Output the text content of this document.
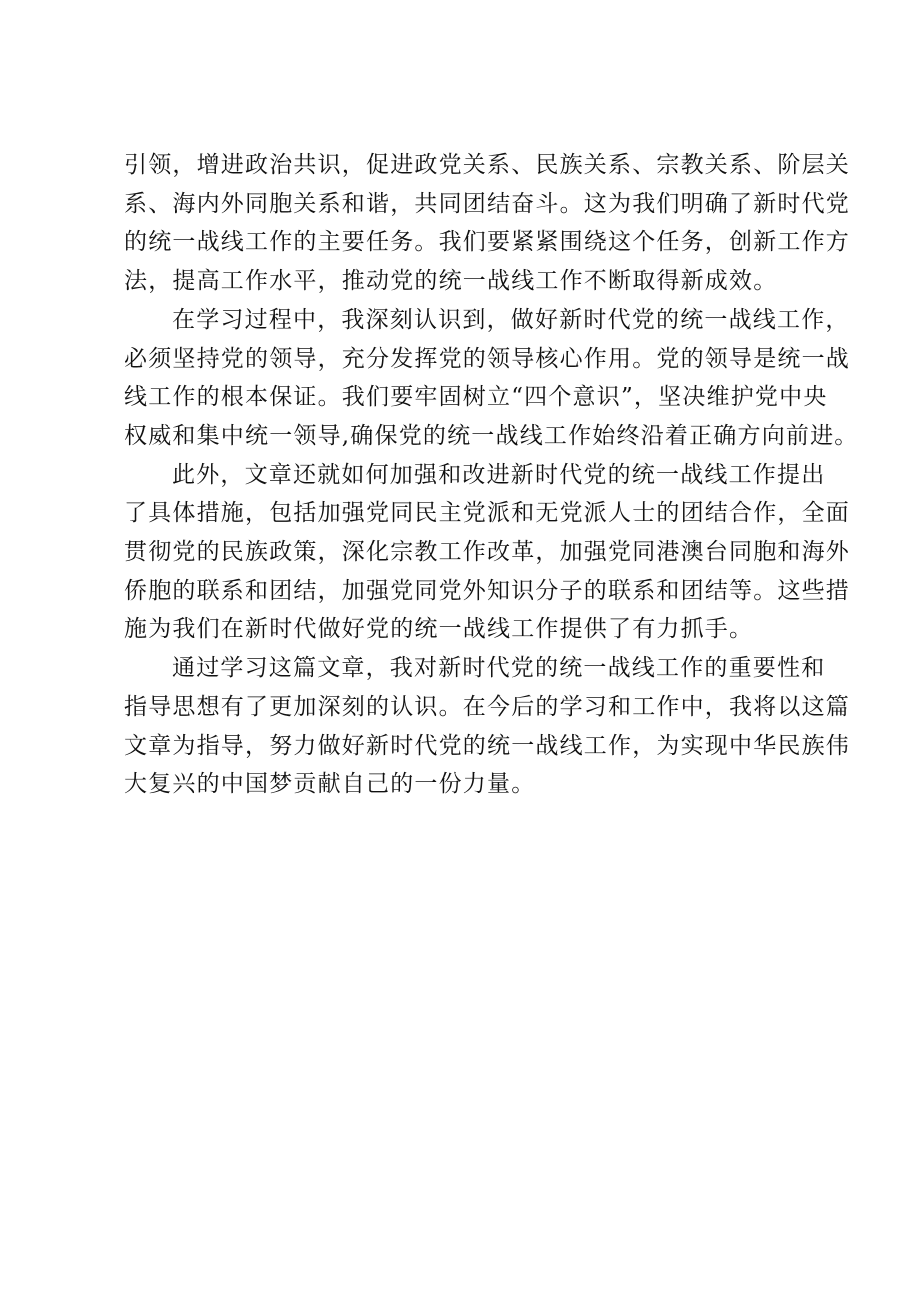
引领，增进政治共识，促进政党关系、民族关系、宗教关系、阶层关
系、海内外同胞关系和谐，共同团结奋斗。这为我们明确了新时代党
的统一战线工作的主要任务。我们要紧紧围绕这个任务，创新工作方
法，提高工作水平，推动党的统一战线工作不断取得新成效。

在学习过程中，我深刻认识到，做好新时代党的统一战线工作，
必须坚持党的领导，充分发挥党的领导核心作用。党的领导是统一战
线工作的根本保证。我们要牢固树立“四个意识”，坚决维护党中央
权威和集中统一领导,确保党的统一战线工作始终沿着正确方向前进。

此外，文章还就如何加强和改进新时代党的统一战线工作提出
了具体措施，包括加强党同民主党派和无党派人士的团结合作，全面
贯彻党的民族政策，深化宗教工作改革，加强党同港澳台同胞和海外
侨胞的联系和团结，加强党同党外知识分子的联系和团结等。这些措
施为我们在新时代做好党的统一战线工作提供了有力抓手。

通过学习这篇文章，我对新时代党的统一战线工作的重要性和
指导思想有了更加深刻的认识。在今后的学习和工作中，我将以这篇
文章为指导，努力做好新时代党的统一战线工作，为实现中华民族伟
大复兴的中国梦贡献自己的一份力量。
